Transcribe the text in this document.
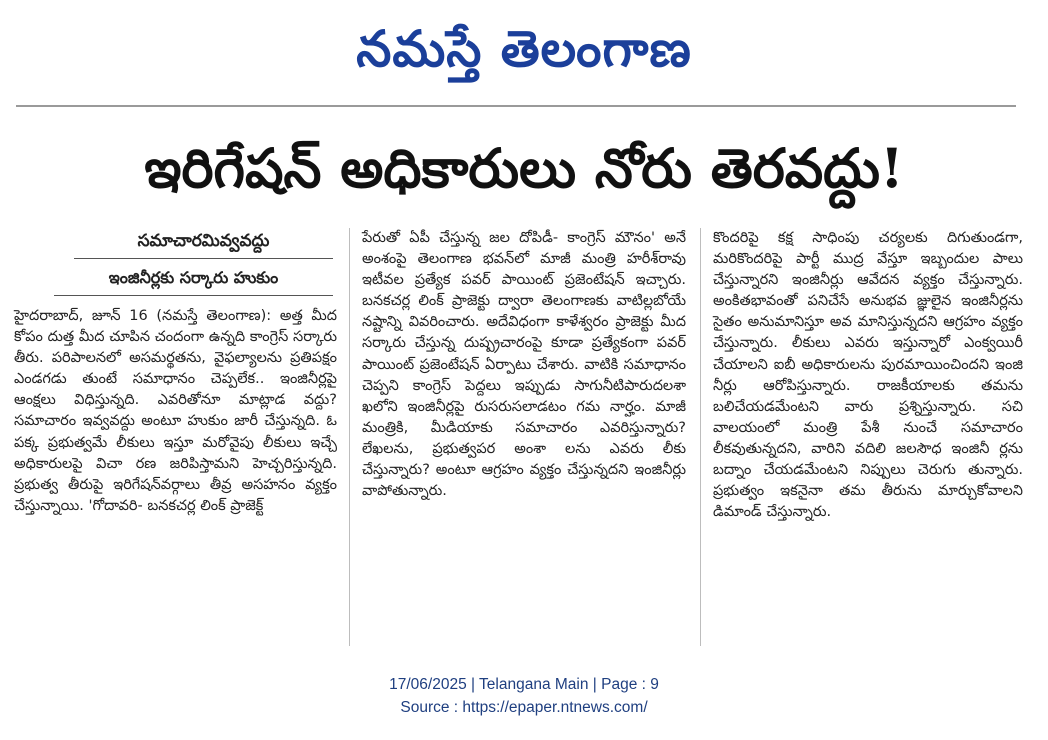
నమస్తే తెలంగాణ
ఇరిగేషన్ అధికారులు నోరు తెరవద్దు!
సమాచారమివ్వవద్దు
ఇంజినీర్లకు సర్కారు హుకుం

హైదరాబాద్, జూన్ 16 (నమస్తే తెలంగాణ): అత్త మీద కోపం దుత్త మీద చూపిన చందంగా ఉన్నది కాంగ్రెస్ సర్కారు తీరు. పరిపాలనలో అసమర్థతను, వైఫల్యాలను ప్రతిపక్షం ఎండగడు తుంటే సమాధానం చెప్పలేక.. ఇంజినీర్లపై ఆంక్షలు విధిస్తున్నది. ఎవరితోనూ మాట్లాడ వద్దు? సమాచారం ఇవ్వవద్దు అంటూ హుకుం జారీ చేస్తున్నది. ఓ పక్క ప్రభుత్వమే లీకులు ఇస్తూ మరోవైపు లీకులు ఇచ్చే అధికారులపై విచా రణ జరిపిస్తామని హెచ్చరిస్తున్నది. ప్రభుత్వ తీరుపై ఇరిగేషన్‌వర్గాలు తీవ్ర అసహనం వ్యక్తం చేస్తున్నాయి. 'గోదావరి- బనకచర్ల లింక్ ప్రాజెక్ట్

పేరుతో ఏపీ చేస్తున్న జల దోపిడీ- కాంగ్రెస్ మౌనం' అనే అంశంపై తెలంగాణ భవన్‌లో మాజీ మంత్రి హరీశ్‌రావు ఇటీవల ప్రత్యేక పవర్ పాయింట్ ప్రజెంటేషన్ ఇచ్చారు. బనకచర్ల లింక్ ప్రాజెక్టు ద్వారా తెలంగాణకు వాటిల్లబోయే నష్టాన్ని వివరించారు. అదేవిధంగా కాళేశ్వరం ప్రాజెక్టు మీద సర్కారు చేస్తున్న దుష్ప్రచారంపై కూడా ప్రత్యేకంగా పవర్ పాయింట్ ప్రజెంటేషన్ ఏర్పాటు చేశారు. వాటికి సమాధానం చెప్పని కాంగ్రెస్ పెద్దలు ఇప్పుడు సాగునీటిపారుదలశా ఖలోని ఇంజినీర్లపై రుసరుసలాడటం గమ నార్హం. మాజీ మంత్రికి, మీడియాకు సమాచారం ఎవరిస్తున్నారు? లేఖలను, ప్రభుత్వపర అంశా లను ఎవరు లీకు చేస్తున్నారు? అంటూ ఆగ్రహం వ్యక్తం చేస్తున్నదని ఇంజినీర్లు వాపోతున్నారు.

కొందరిపై కక్ష సాధింపు చర్యలకు దిగుతుండగా, మరికొందరిపై పార్టీ ముద్ర వేస్తూ ఇబ్బందుల పాలు చేస్తున్నారని ఇంజినీర్లు ఆవేదన వ్యక్తం చేస్తున్నారు. అంకితభావంతో పనిచేసే అనుభవ జ్ఞులైన ఇంజినీర్లను సైతం అనుమానిస్తూ అవ మానిస్తున్నదని ఆగ్రహం వ్యక్తం చేస్తున్నారు. లీకులు ఎవరు ఇస్తున్నారో ఎంక్వయిరీ చేయాలని ఐబీ అధికారులను పురమాయించిందని ఇంజి నీర్లు ఆరోపిస్తున్నారు. రాజకీయాలకు తమను బలిచేయడమేంటని వారు ప్రశ్నిస్తున్నారు. సచి వాలయంలో మంత్రి పేశీ నుంచే సమాచారం లీకవుతున్నదని, వారిని వదిలి జలసౌధ ఇంజినీ ర్లను బద్నాం చేయడమేంటని నిప్పులు చెరుగు తున్నారు. ప్రభుత్వం ఇకనైనా తమ తీరును మార్చుకోవాలని డిమాండ్ చేస్తున్నారు.

17/06/2025 | Telangana Main | Page : 9
Source : https://epaper.ntnews.com/
